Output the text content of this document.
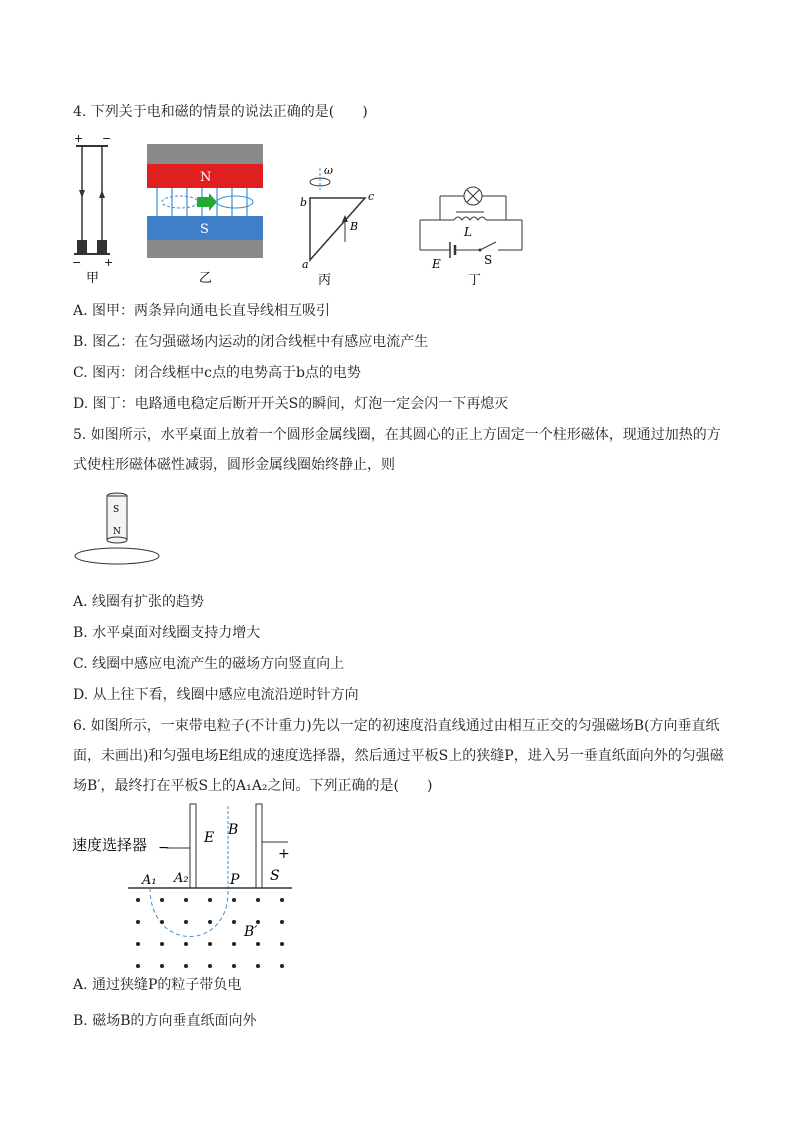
4. 下列关于电和磁的情景的说法正确的是(　　)
+ −
− +
甲
N
S
乙
ω
b	c
a
B
丙
L
E	S
丁
A. 图甲：两条异向通电长直导线相互吸引
B. 图乙：在匀强磁场内运动的闭合线框中有感应电流产生
C. 图丙：闭合线框中c点的电势高于b点的电势
D. 图丁：电路通电稳定后断开开关S的瞬间，灯泡一定会闪一下再熄灭
5. 如图所示，水平桌面上放着一个圆形金属线圈，在其圆心的正上方固定一个柱形磁体，现通过加热的方
式使柱形磁体磁性减弱，圆形金属线圈始终静止，则
S
N
A. 线圈有扩张的趋势
B. 水平桌面对线圈支持力增大
C. 线圈中感应电流产生的磁场方向竖直向上
D. 从上往下看，线圈中感应电流沿逆时针方向
6. 如图所示，一束带电粒子(不计重力)先以一定的初速度沿直线通过由相互正交的匀强磁场B(方向垂直纸
面，未画出)和匀强电场E组成的速度选择器，然后通过平板S上的狭缝P，进入另一垂直纸面向外的匀强磁
场B′，最终打在平板S上的A₁A₂之间。下列正确的是(　　)
速度选择器 −	+
E B
A₁ A₂	P S
B′
A. 通过狭缝P的粒子带负电
B. 磁场B的方向垂直纸面向外
